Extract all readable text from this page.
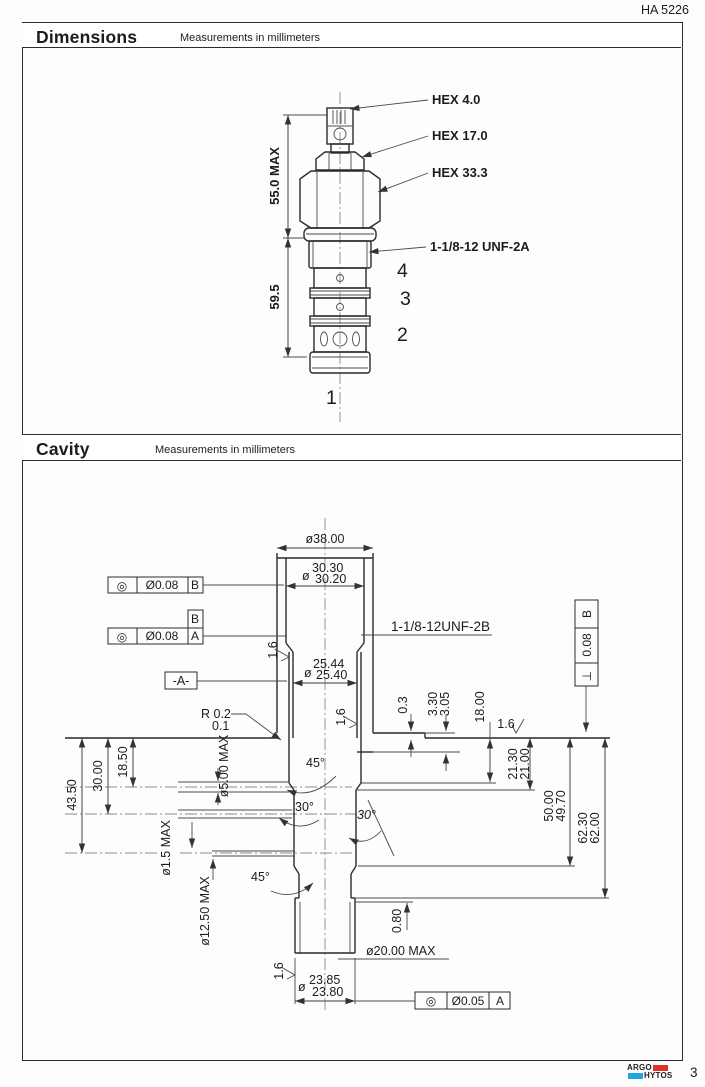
HA 5226
Dimensions	Measurements in millimeters
55.0 MAX
59.5
HEX 4.0
HEX 17.0
HEX 33.3
1-1/8-12 UNF-2A
4
3
2
1
Cavity	Measurements in millimeters
ø38.00
ø
30.30
30.20
ø
25.44
25.40
1-1/8-12UNF-2B
◎ Ø0.08 B
B
◎ Ø0.08 A
-A-
B
0.08
⊥
0.3 3.30
3.05 18.00
21.30
21.00
50.00
49.70
62.30
62.00
0.80
18.50
30.00
43.50	ø5.00 MAX
ø1.5 MAX
ø12.50 MAX
45°
30°
30°
45°
R 0.2
0.1
1.6
1.6	1.6
1.6
ø20.00 MAX
ø 23.85
23.80
◎ Ø0.05 A
ARGO
HYTOS 3
